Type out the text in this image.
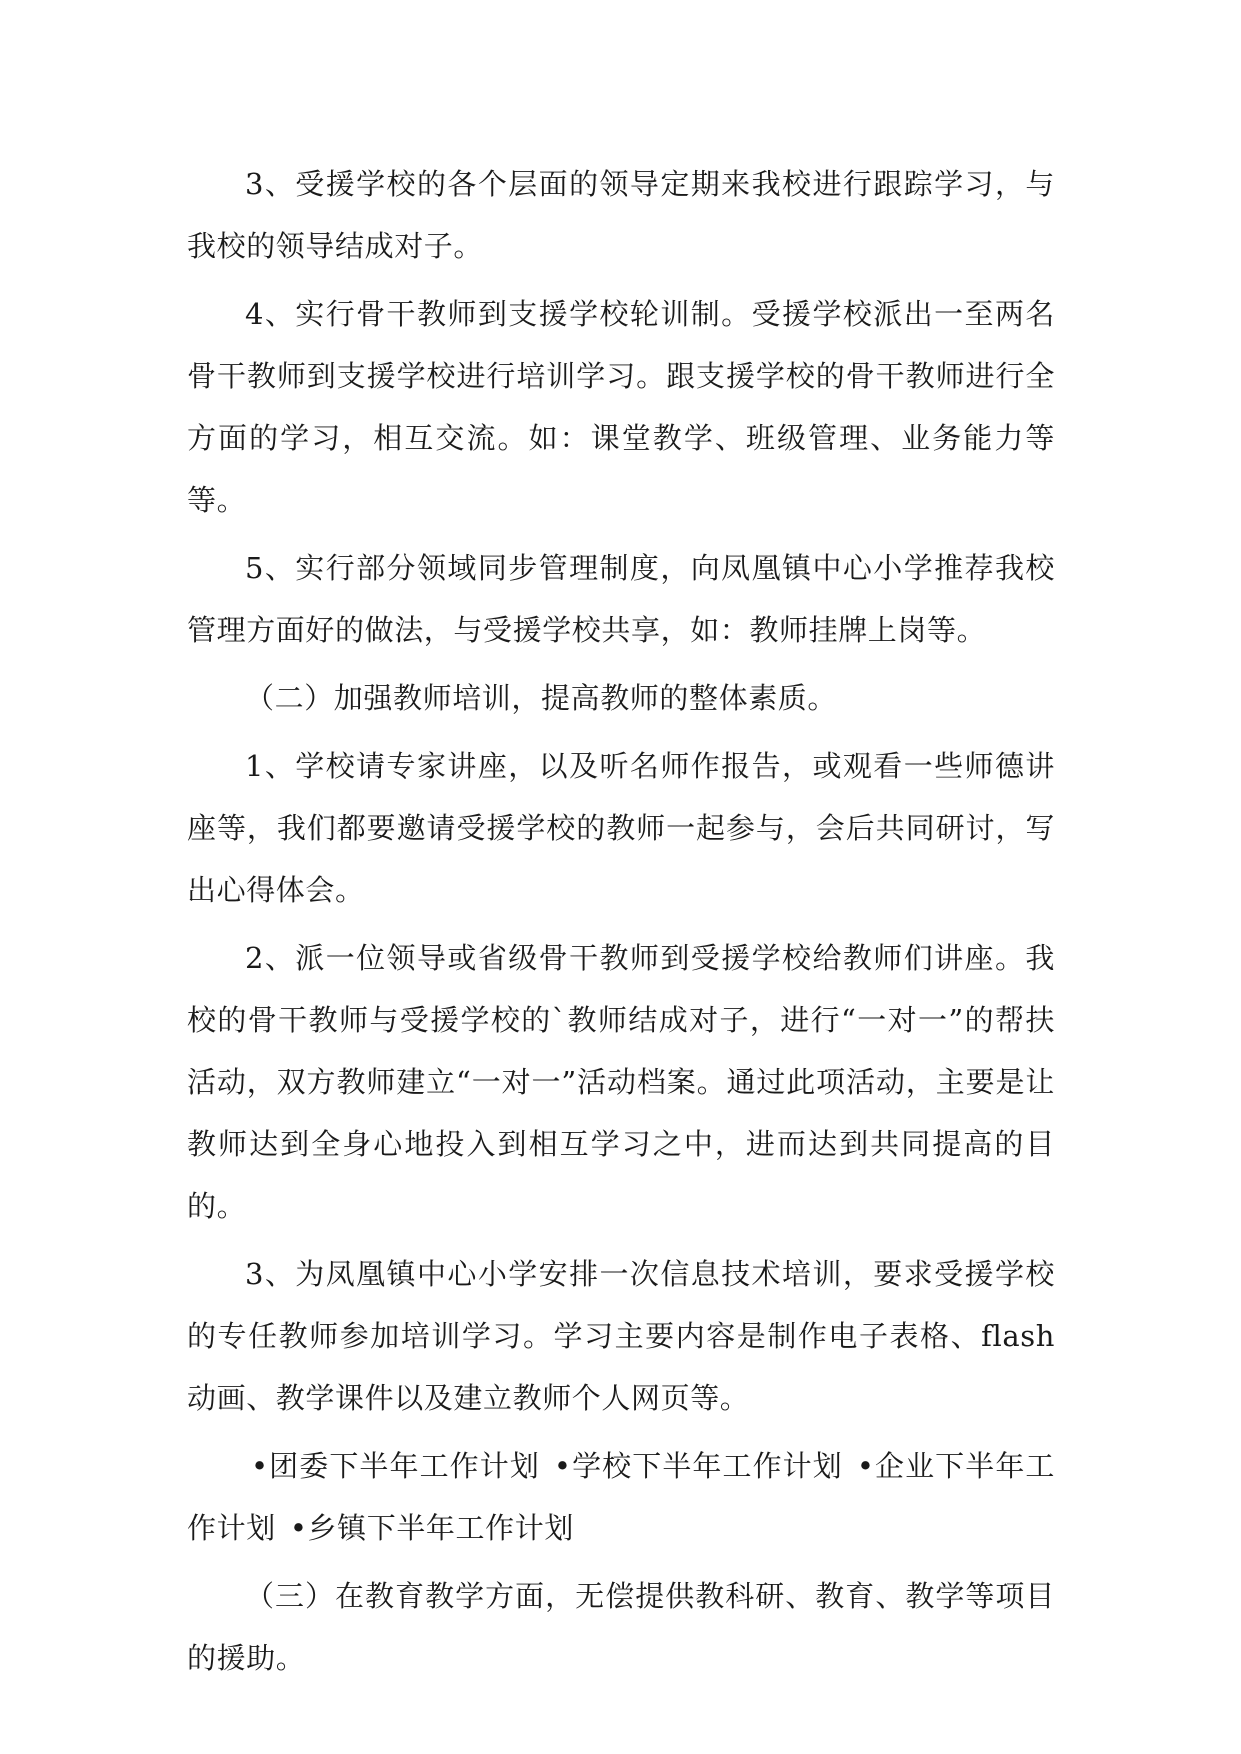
3、受援学校的各个层面的领导定期来我校进行跟踪学习，与我校的领导结成对子。

4、实行骨干教师到支援学校轮训制。受援学校派出一至两名骨干教师到支援学校进行培训学习。跟支援学校的骨干教师进行全方面的学习，相互交流。如：课堂教学、班级管理、业务能力等等。

5、实行部分领域同步管理制度，向凤凰镇中心小学推荐我校管理方面好的做法，与受援学校共享，如：教师挂牌上岗等。

（二）加强教师培训，提高教师的整体素质。

1、学校请专家讲座，以及听名师作报告，或观看一些师德讲座等，我们都要邀请受援学校的教师一起参与，会后共同研讨，写出心得体会。

2、派一位领导或省级骨干教师到受援学校给教师们讲座。我校的骨干教师与受援学校的`教师结成对子，进行“一对一”的帮扶活动，双方教师建立“一对一”活动档案。通过此项活动，主要是让教师达到全身心地投入到相互学习之中，进而达到共同提高的目的。

3、为凤凰镇中心小学安排一次信息技术培训，要求受援学校的专任教师参加培训学习。学习主要内容是制作电子表格、flash 动画、教学课件以及建立教师个人网页等。

•团委下半年工作计划 •学校下半年工作计划 •企业下半年工作计划 •乡镇下半年工作计划

（三）在教育教学方面，无偿提供教科研、教育、教学等项目的援助。
